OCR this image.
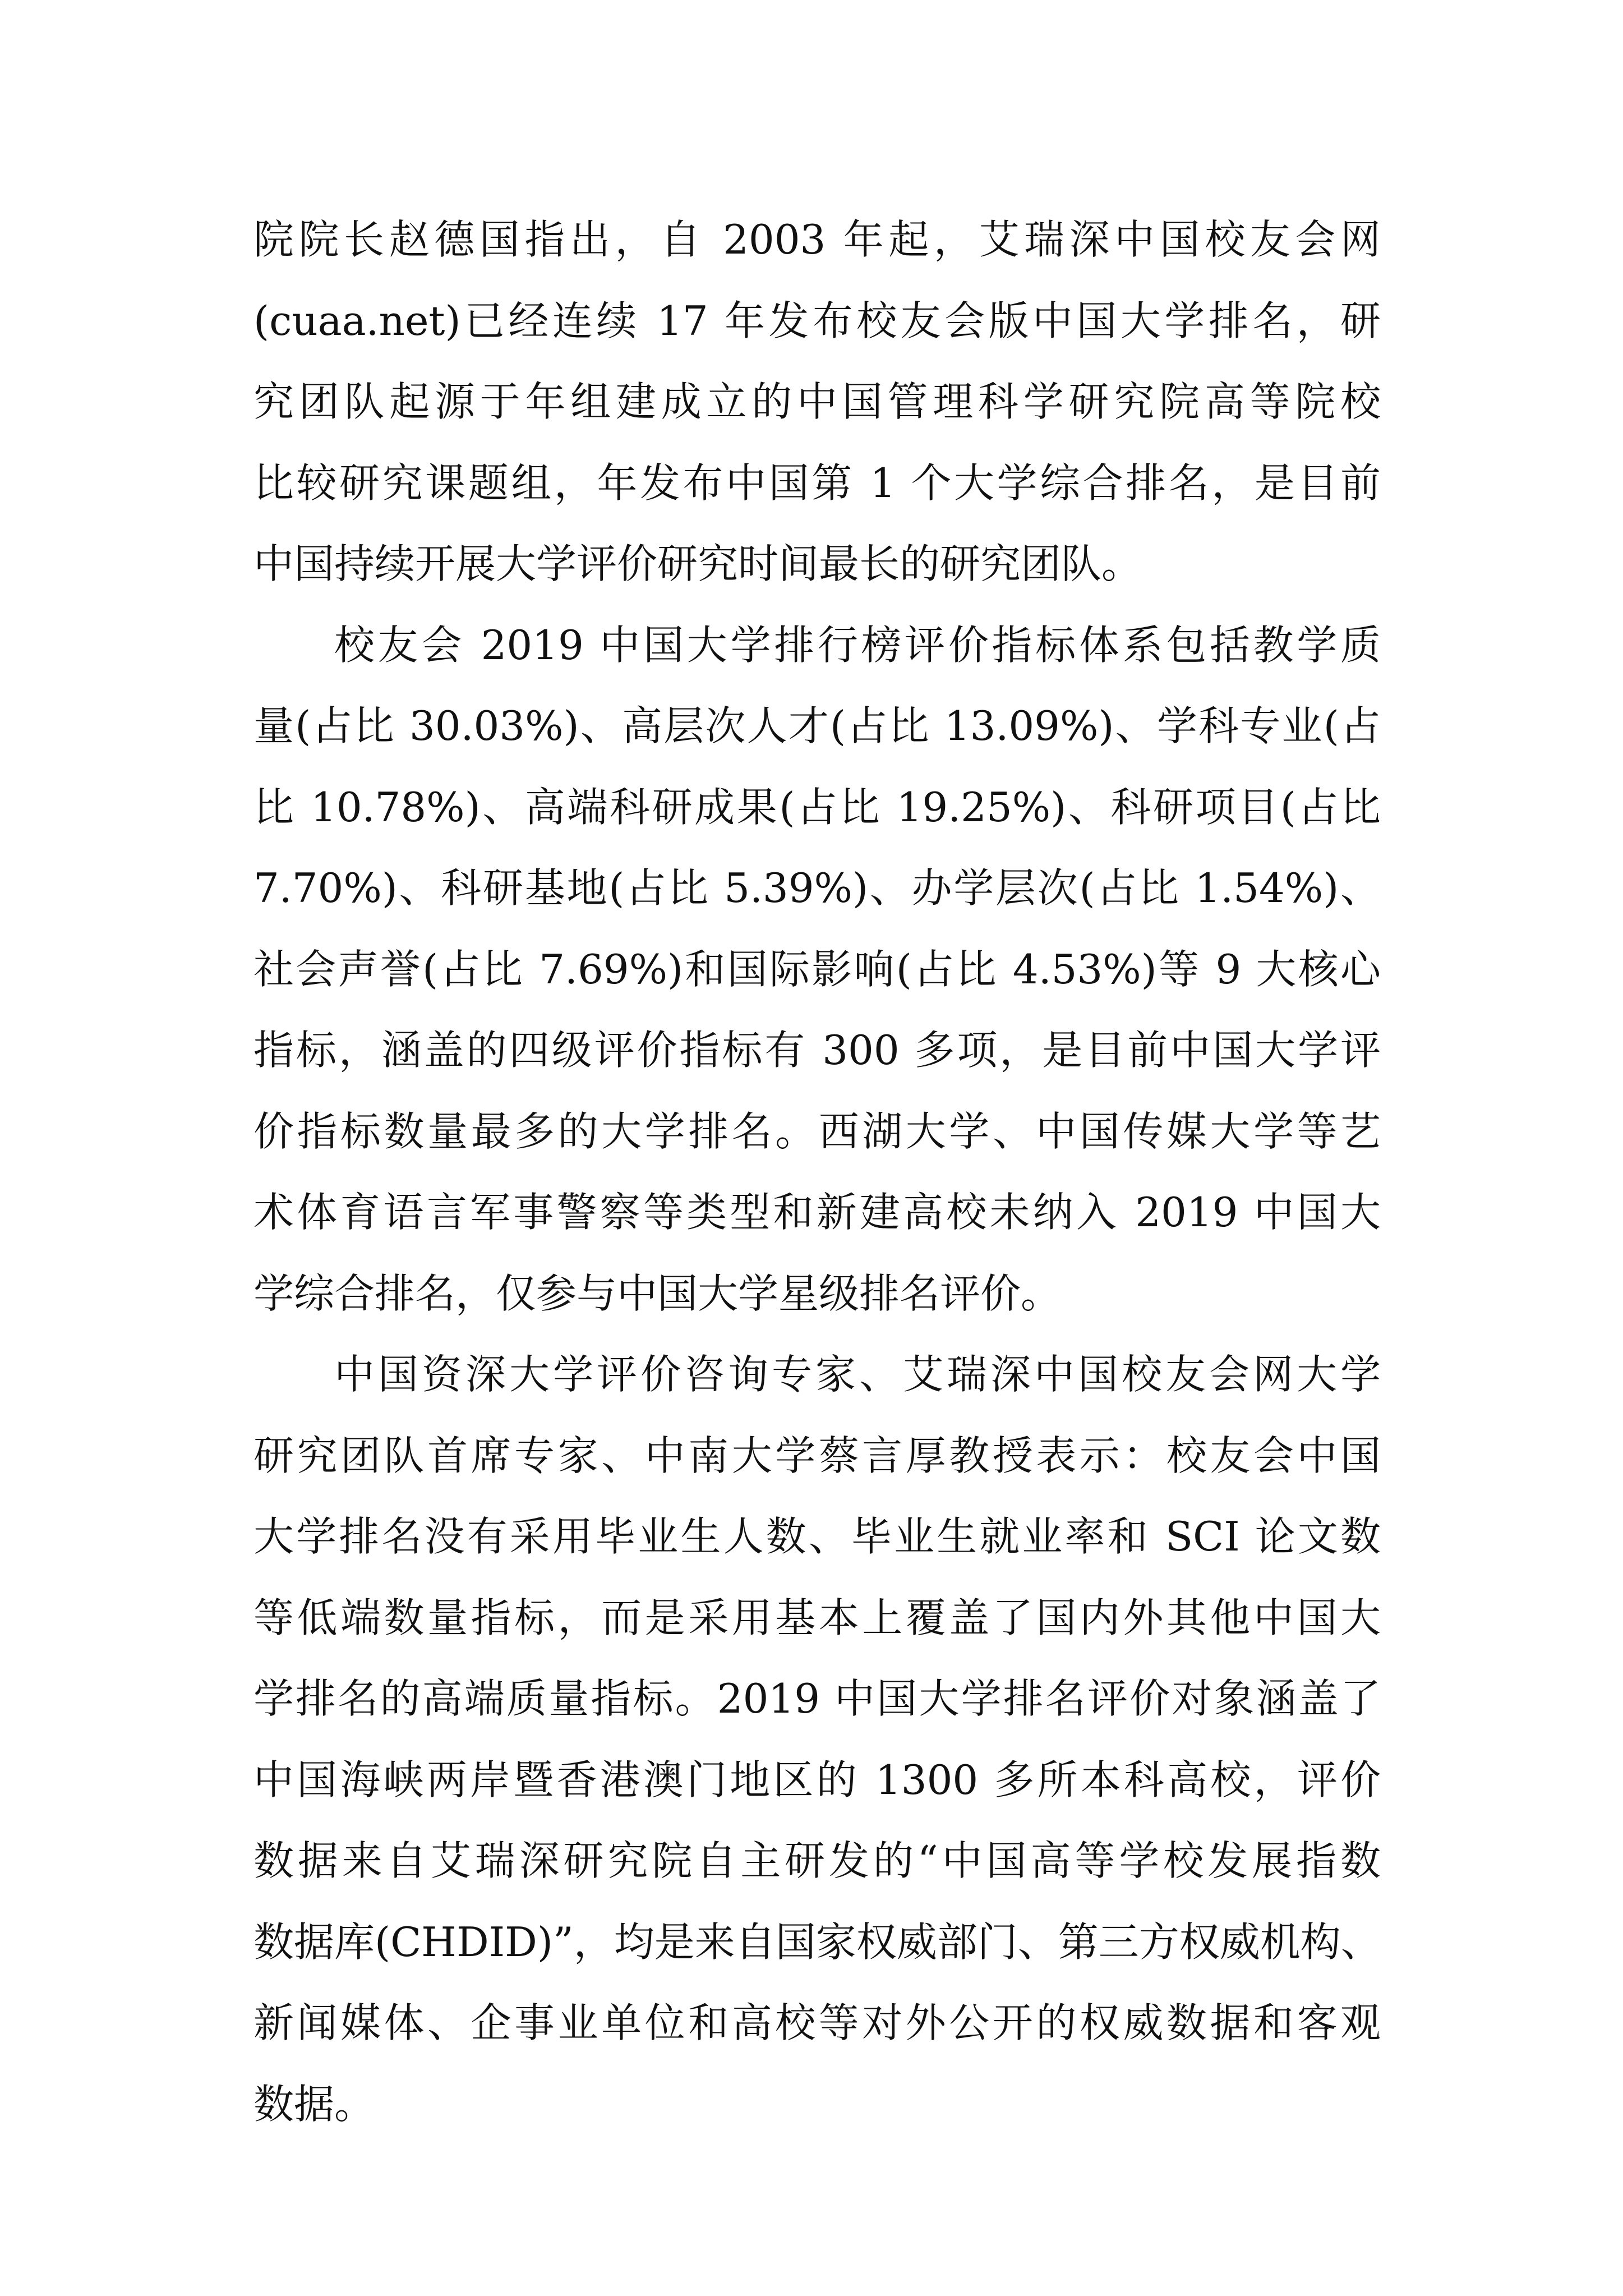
院院长赵德国指出，自 2003 年起，艾瑞深中国校友会网
(cuaa.net)已经连续 17 年发布校友会版中国大学排名，研
究团队起源于年组建成立的中国管理科学研究院高等院校
比较研究课题组，年发布中国第 1 个大学综合排名，是目前
中国持续开展大学评价研究时间最长的研究团队。
校友会 2019 中国大学排行榜评价指标体系包括教学质
量(占比 30.03%)、高层次人才(占比 13.09%)、学科专业(占
比 10.78%)、高端科研成果(占比 19.25%)、科研项目(占比
7.70%)、科研基地(占比 5.39%)、办学层次(占比 1.54%)、
社会声誉(占比 7.69%)和国际影响(占比 4.53%)等 9 大核心
指标，涵盖的四级评价指标有 300 多项，是目前中国大学评
价指标数量最多的大学排名。西湖大学、中国传媒大学等艺
术体育语言军事警察等类型和新建高校未纳入 2019 中国大
学综合排名，仅参与中国大学星级排名评价。
中国资深大学评价咨询专家、艾瑞深中国校友会网大学
研究团队首席专家、中南大学蔡言厚教授表示：校友会中国
大学排名没有采用毕业生人数、毕业生就业率和 SCI 论文数
等低端数量指标，而是采用基本上覆盖了国内外其他中国大
学排名的高端质量指标。2019 中国大学排名评价对象涵盖了
中国海峡两岸暨香港澳门地区的 1300 多所本科高校，评价
数据来自艾瑞深研究院自主研发的“中国高等学校发展指数
数据库(CHDID)”，均是来自国家权威部门、第三方权威机构、
新闻媒体、企事业单位和高校等对外公开的权威数据和客观
数据。
